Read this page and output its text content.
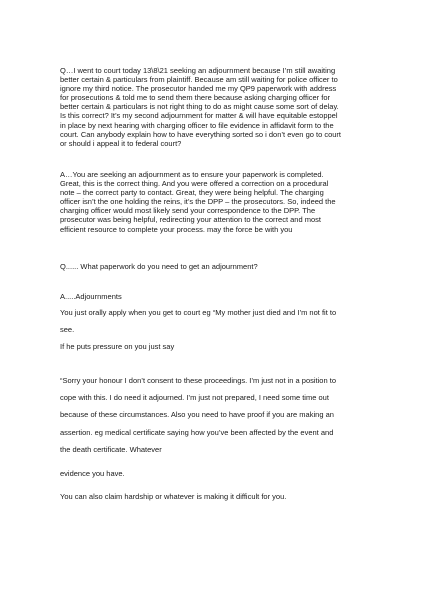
Q…I went to court today 13\8\21 seeking an adjournment because I’m still awaiting
better certain & particulars from plaintiff. Because am still waiting for police officer to
ignore my third notice. The prosecutor handed me my QP9 paperwork with address
for prosecutions & told me to send them there because asking charging officer for
better certain & particulars is not right thing to do as might cause some sort of delay.
Is this correct? It’s my second adjournment for matter & will have equitable estoppel
in place by next hearing with charging officer to file evidence in affidavit form to the
court. Can anybody explain how to have everything sorted so i don’t even go to court
or should i appeal it to federal court?

A…You are seeking an adjournment as to ensure your paperwork is completed.
Great, this is the correct thing. And you were offered a correction on a procedural
note – the correct party to contact. Great, they were being helpful. The charging
officer isn’t the one holding the reins, it’s the DPP – the prosecutors. So, indeed the
charging officer would most likely send your correspondence to the DPP. The
prosecutor was being helpful, redirecting your attention to the correct and most
efficient resource to complete your process. may the force be with you

Q...... What paperwork do you need to get an adjournment?

A.....Adjournments

You just orally apply when you get to court eg “My mother just died and I’m not fit to
see.

If he puts pressure on you just say

“Sorry your honour I don’t consent to these proceedings. I’m just not in a position to
cope with this. I do need it adjourned. I’m just not prepared, I need some time out
because of these circumstances. Also you need to have proof if you are making an
assertion. eg medical certificate saying how you’ve been affected by the event and
the death certificate. Whatever

evidence you have.

You can also claim hardship or whatever is making it difficult for you.
